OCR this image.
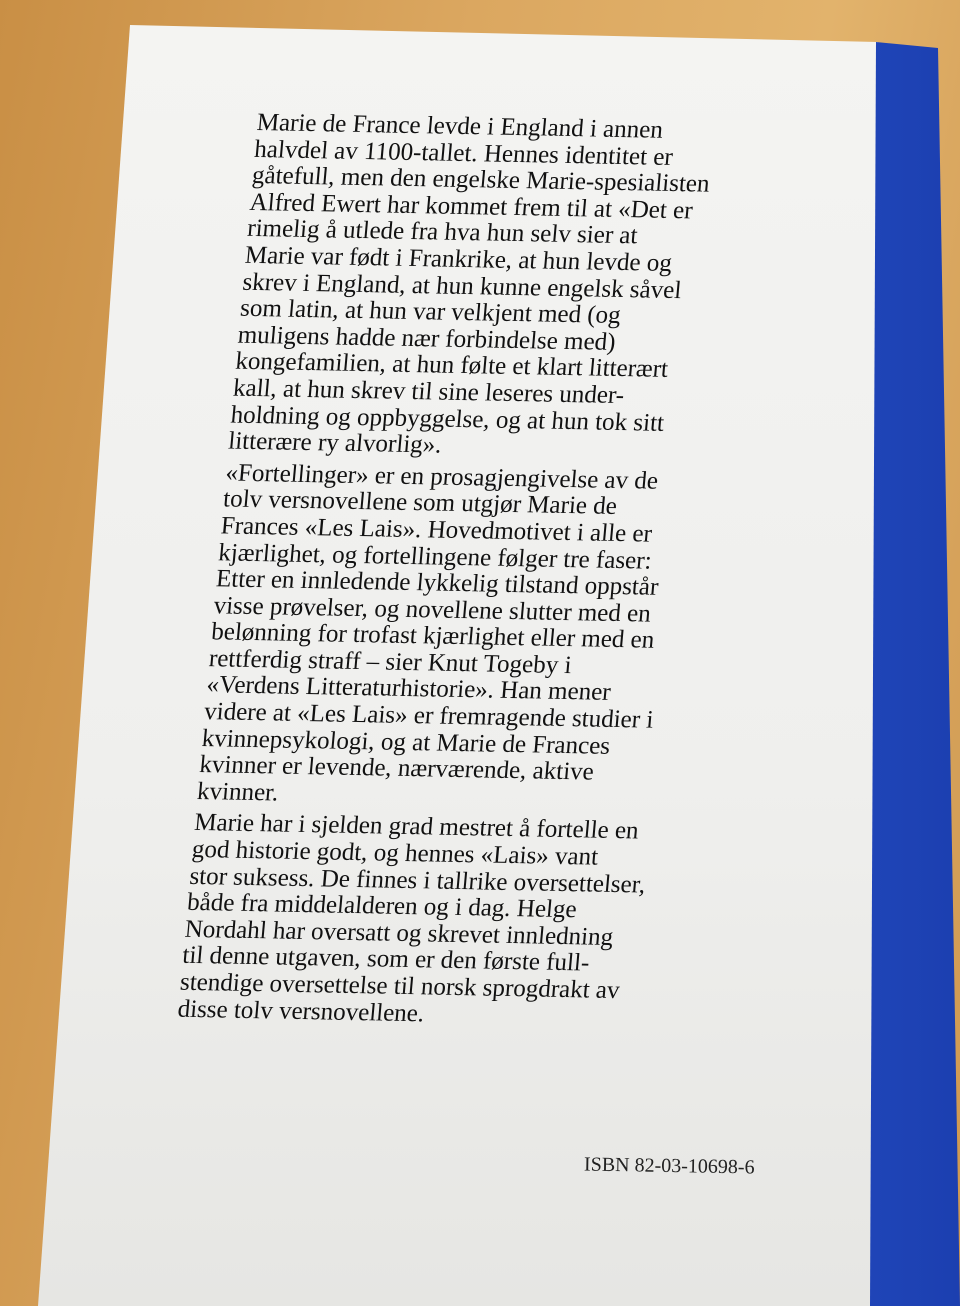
Marie de France levde i England i annen
halvdel av 1100-tallet. Hennes identitet er
gåtefull, men den engelske Marie-spesialisten
Alfred Ewert har kommet frem til at «Det er
rimelig å utlede fra hva hun selv sier at
Marie var født i Frankrike, at hun levde og
skrev i England, at hun kunne engelsk såvel
som latin, at hun var velkjent med (og
muligens hadde nær forbindelse med)
kongefamilien, at hun følte et klart litterært
kall, at hun skrev til sine leseres under-
holdning og oppbyggelse, og at hun tok sitt
litterære ry alvorlig».
«Fortellinger» er en prosagjengivelse av de
tolv versnovellene som utgjør Marie de
Frances «Les Lais». Hovedmotivet i alle er
kjærlighet, og fortellingene følger tre faser:
Etter en innledende lykkelig tilstand oppstår
visse prøvelser, og novellene slutter med en
belønning for trofast kjærlighet eller med en
rettferdig straff – sier Knut Togeby i
«Verdens Litteraturhistorie». Han mener
videre at «Les Lais» er fremragende studier i
kvinnepsykologi, og at Marie de Frances
kvinner er levende, nærværende, aktive
kvinner.
Marie har i sjelden grad mestret å fortelle en
god historie godt, og hennes «Lais» vant
stor suksess. De finnes i tallrike oversettelser,
både fra middelalderen og i dag. Helge
Nordahl har oversatt og skrevet innledning
til denne utgaven, som er den første full-
stendige oversettelse til norsk sprogdrakt av
disse tolv versnovellene.
ISBN 82-03-10698-6
